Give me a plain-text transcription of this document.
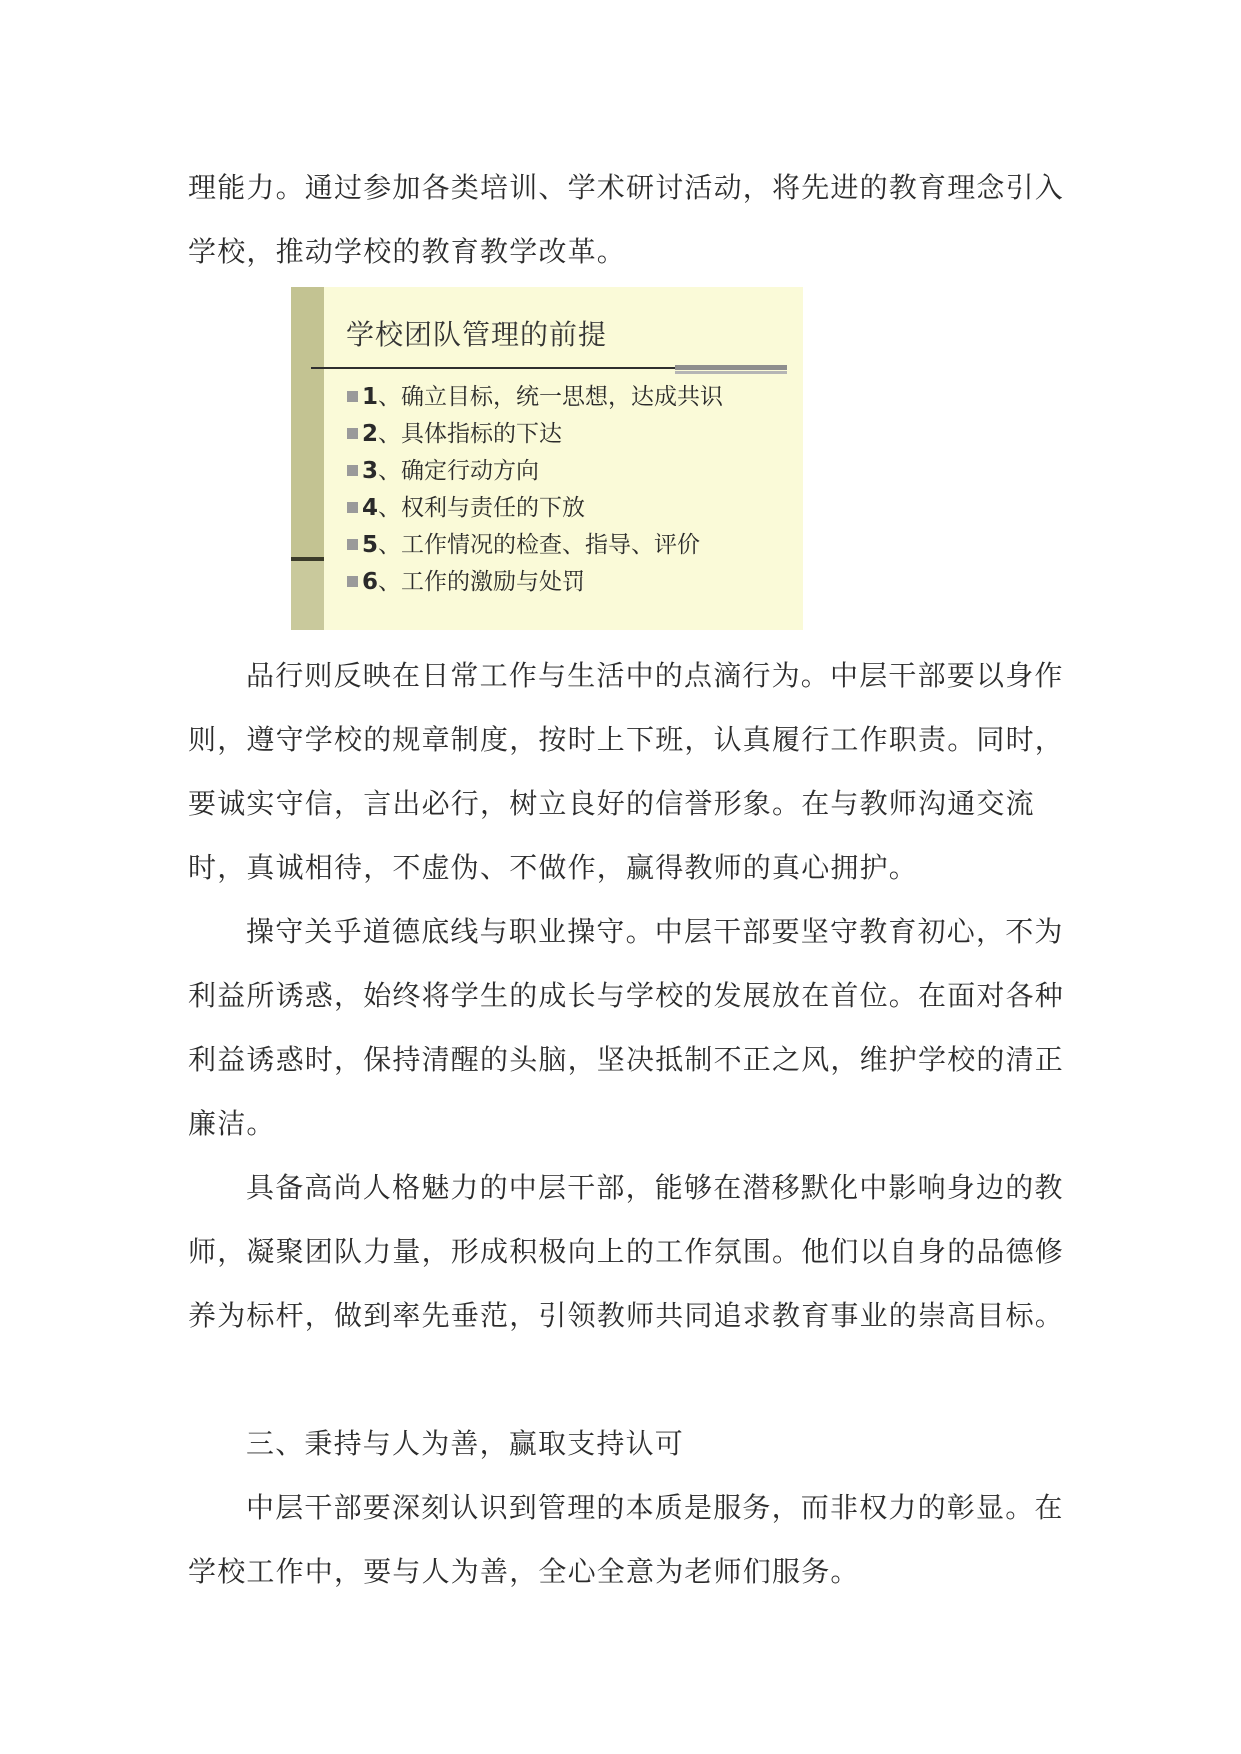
理能力。通过参加各类培训、学术研讨活动，将先进的教育理念引入学校，推动学校的教育教学改革。

学校团队管理的前提
1、确立目标，统一思想，达成共识
2、具体指标的下达
3、确定行动方向
4、权利与责任的下放
5、工作情况的检查、指导、评价
6、工作的激励与处罚

品行则反映在日常工作与生活中的点滴行为。中层干部要以身作则，遵守学校的规章制度，按时上下班，认真履行工作职责。同时，要诚实守信，言出必行，树立良好的信誉形象。在与教师沟通交流时，真诚相待，不虚伪、不做作，赢得教师的真心拥护。

操守关乎道德底线与职业操守。中层干部要坚守教育初心，不为利益所诱惑，始终将学生的成长与学校的发展放在首位。在面对各种利益诱惑时，保持清醒的头脑，坚决抵制不正之风，维护学校的清正廉洁。

具备高尚人格魅力的中层干部，能够在潜移默化中影响身边的教师，凝聚团队力量，形成积极向上的工作氛围。他们以自身的品德修养为标杆，做到率先垂范，引领教师共同追求教育事业的崇高目标。

三、秉持与人为善，赢取支持认可

中层干部要深刻认识到管理的本质是服务，而非权力的彰显。在学校工作中，要与人为善，全心全意为老师们服务。
